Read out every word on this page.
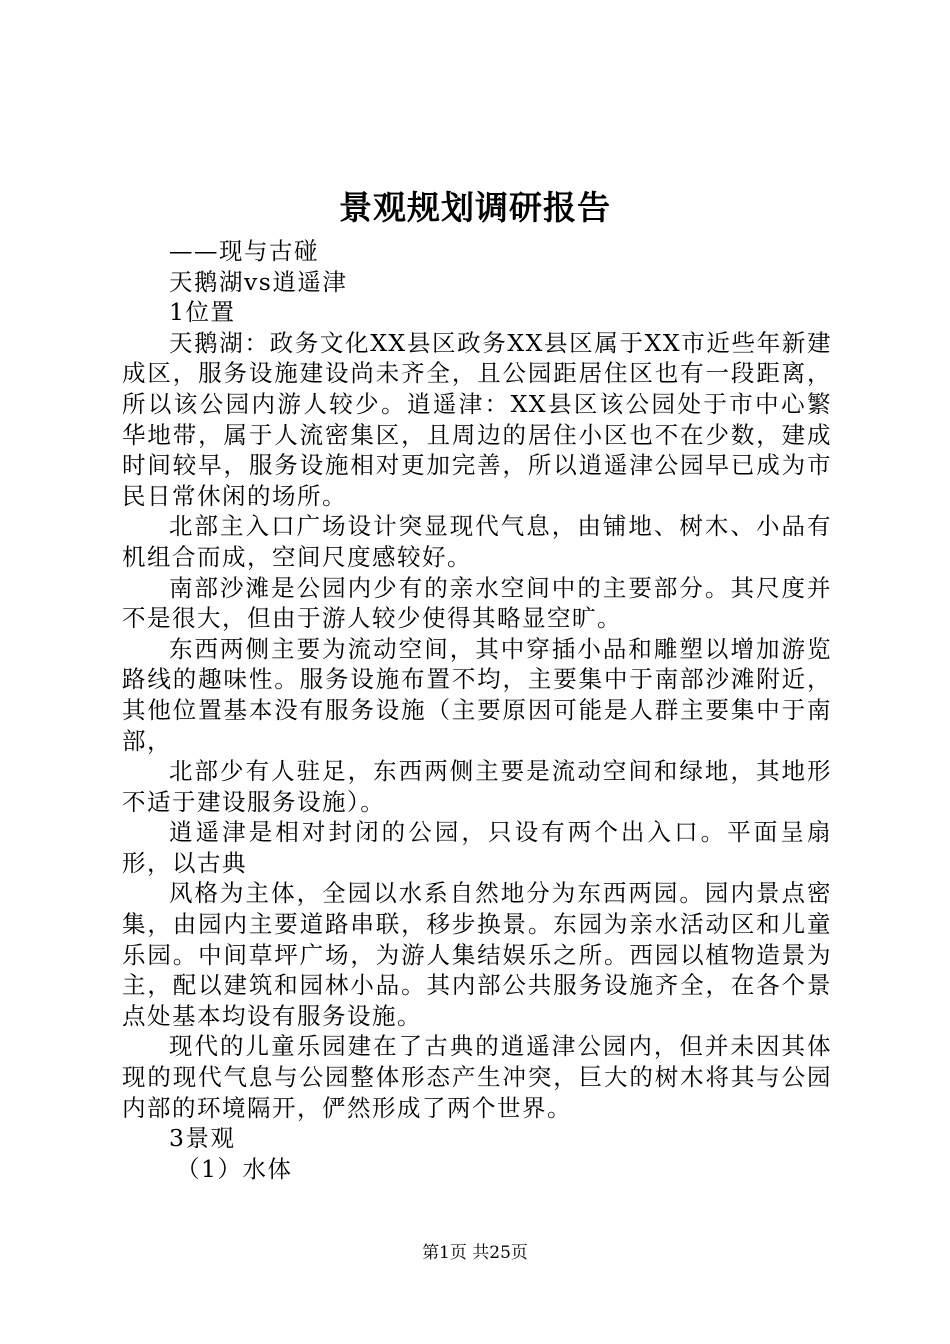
景观规划调研报告

——现与古碰

天鹅湖vs逍遥津

1位置

天鹅湖：政务文化XX县区政务XX县区属于XX市近些年新建成区，服务设施建设尚未齐全，且公园距居住区也有一段距离，所以该公园内游人较少。逍遥津：XX县区该公园处于市中心繁华地带，属于人流密集区，且周边的居住小区也不在少数，建成时间较早，服务设施相对更加完善，所以逍遥津公园早已成为市民日常休闲的场所。

北部主入口广场设计突显现代气息，由铺地、树木、小品有机组合而成，空间尺度感较好。

南部沙滩是公园内少有的亲水空间中的主要部分。其尺度并不是很大，但由于游人较少使得其略显空旷。

东西两侧主要为流动空间，其中穿插小品和雕塑以增加游览路线的趣味性。服务设施布置不均，主要集中于南部沙滩附近，其他位置基本没有服务设施（主要原因可能是人群主要集中于南部，

北部少有人驻足，东西两侧主要是流动空间和绿地，其地形不适于建设服务设施）。

逍遥津是相对封闭的公园，只设有两个出入口。平面呈扇形，以古典

风格为主体，全园以水系自然地分为东西两园。园内景点密集，由园内主要道路串联，移步换景。东园为亲水活动区和儿童乐园。中间草坪广场，为游人集结娱乐之所。西园以植物造景为主，配以建筑和园林小品。其内部公共服务设施齐全，在各个景点处基本均设有服务设施。

现代的儿童乐园建在了古典的逍遥津公园内，但并未因其体现的现代气息与公园整体形态产生冲突，巨大的树木将其与公园内部的环境隔开，俨然形成了两个世界。

3景观

（1）水体

第1页 共25页
